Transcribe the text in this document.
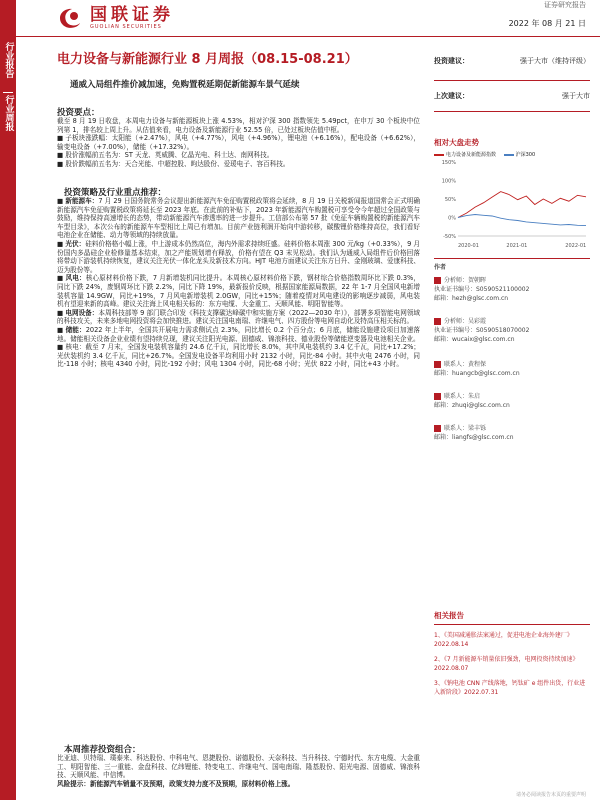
行业报告
行业周报
国联证券
GUOLIAN SECURITIES
证券研究报告
2022 年 08 月 21 日
电力设备与新能源行业 8 月周报（08.15-08.21）
通威入局组件推价减加速，免购置税延期促新能源车景气延续
投资要点：

截至 8 月 19 日收盘，本周电力设备与新能源板块上涨 4.53%，相对沪深 300 指数领先 5.49pct，在申万 30 个板块中位列第 1，排名较上周上升。从估值来看，电力设备及新能源行业 52.55 倍，已处过板块估值中枢。

■ 子板块涨跌幅：太阳能（+2.47%），风电（+4.77%），风电（+4.96%），锂电池（+6.16%），配电设备（+6.62%），输变电设备（+7.00%），储能（+17.32%）。

■ 股价涨幅前五名为：ST 天龙、英威腾、亿晶光电、科士达、南网科技。

■ 股价跌幅前五名为：天合光能、中超控股、昫达股份、爱瑗电子、容百科技。

投资策略及行业重点推荐：

■ 新能源车：7 月 29 日国务院常务会议提出新能源汽车免征购置税政策将会延续，8 月 19 日关税新闻报道国常会正式明确新能源汽车免征购置税政策将延长至 2023 年底。在此前的补贴下，2023 年新能源汽车购置税可享受令今年超过全国政策与鼓励，维持保持高速增长的态势，带动新能源汽车渗透率的进一步提升。工信部公布第 57 批《免征车辆购置税的新能源汽车车型目录》，本次公布的新能源车车型相比上周已有增加。目前产业链利润开始向中游转移，碳酸锂价格维持高位，我们看好电池企业在储能、动力等领域的持续放量。

■ 光伏：硅料价格格小幅上涨，中上游成本仍然高位，海内外需求持续旺盛。硅料价格本周涨 300 元/kg（+0.33%），9 月份国内多晶硅企业检修量基本结束，加之产能规划增有释放，价格有望在 Q3 末见松动。我们认为通威入局组件后价格回落将带动下游装机持续恢复，建议关注光伏一体化龙头及新技术方向。HJT 电池方面建议关注东方日升、金刚玻璃、爱康科技、迈为股份等。

■ 风电：核心原材料价格下跌，7 月新增装机同比提升。本周核心原材料价格下跌，钢材综合价格指数周环比下跌 0.3%，同比下跌 24%，废钢周环比下跌 2.2%，同比下降 19%，最新报价反映，根据国家能源局数据，22 年 1-7 月全国风电新增装机容量 14.9GW，同比+19%，7 月风电新增装机 2.0GW，同比+15%；随着疫情对风电建设的影响逐步减弱，风电装机有望迎来新的高峰。建议关注海上风电相关标的：东方电缆、大金重工、天顺风能、明阳智能等。

■ 电网设备：本周科技部等 9 部门联合印发《科技支撑碳达峰碳中和实施方案（2022—2030 年）》，部署多项智能电网领域的科技攻关，未来多地电网投资将会加快推进。建议关注国电南瑞、许继电气、四方股份等电网自动化及特高压相关标的。

■ 储能：2022 年上半年，全国共开展电力需求侧试点 2.3%，同比增长 0.2 个百分点；6 月底，储能设施建设项目加速落地。储能相关设备企业业绩有望持续兑现，建议关注阳光电源、固德威、锦浪科技、德业股份等储能逆变器及电池相关企业。

■ 核电：截至 7 月末，全国发电装机容量约 24.6 亿千瓦，同比增长 8.0%，其中风电装机约 3.4 亿千瓦，同比+17.2%；光伏装机约 3.4 亿千瓦，同比+26.7%。全国发电设备平均利用小时 2132 小时，同比-84 小时。其中火电 2476 小时，同比-118 小时；核电 4340 小时，同比-192 小时；风电 1304 小时，同比-68 小时；光伏 822 小时，同比+43 小时。

本周推荐投资组合：

比亚迪、贝特瑞、璞泰来、科达股份、中科电气、恩捷股份、诺德股份、天奈科技、当升科技、宁德时代、东方电缆、大金重工、明阳智能、三一重能、金盘科技、亿纬锂能、特变电工、许继电气、国电南瑞、隆基股份、阳光电源、固德威、锦浪科技、天顺风能、中信博。

风险提示：新能源汽车销量不及预期，政策支持力度不及预期，原材料价格上涨。

投资建议：	强于大市（维持评级）
上次建议：	强于大市
相对大盘走势
电力设备及新能源指数	沪深300
150%
100%
50%
0%
-50%
2020-01	2021-01	2022-01
作者
分析师：贺朝晖
执业证书编号：S0590521100002
邮箱：hezh@glsc.com.cn
分析师：吴彩霞
执业证书编号：S0590518070002
邮箱：wucaix@glsc.com.cn
联系人：黄程保
邮箱：huangcb@glsc.com.cn
联系人：朱启
邮箱：zhuqi@glsc.com.cn
联系人：梁丰铄
邮箱：liangfs@glsc.com.cn
相关报告
1、《美国减通胀法案通过，促进电池企业海外建厂》2022.08.14
2、《7 月新能源车销量依旧强劲，电网投资持续加速》2022.08.07
3、《钠电池 CNN 产线落地，钙钛矿 e 组件出货，行业进入新阶段》2022.07.31
请务必阅读报告末页的重要声明
